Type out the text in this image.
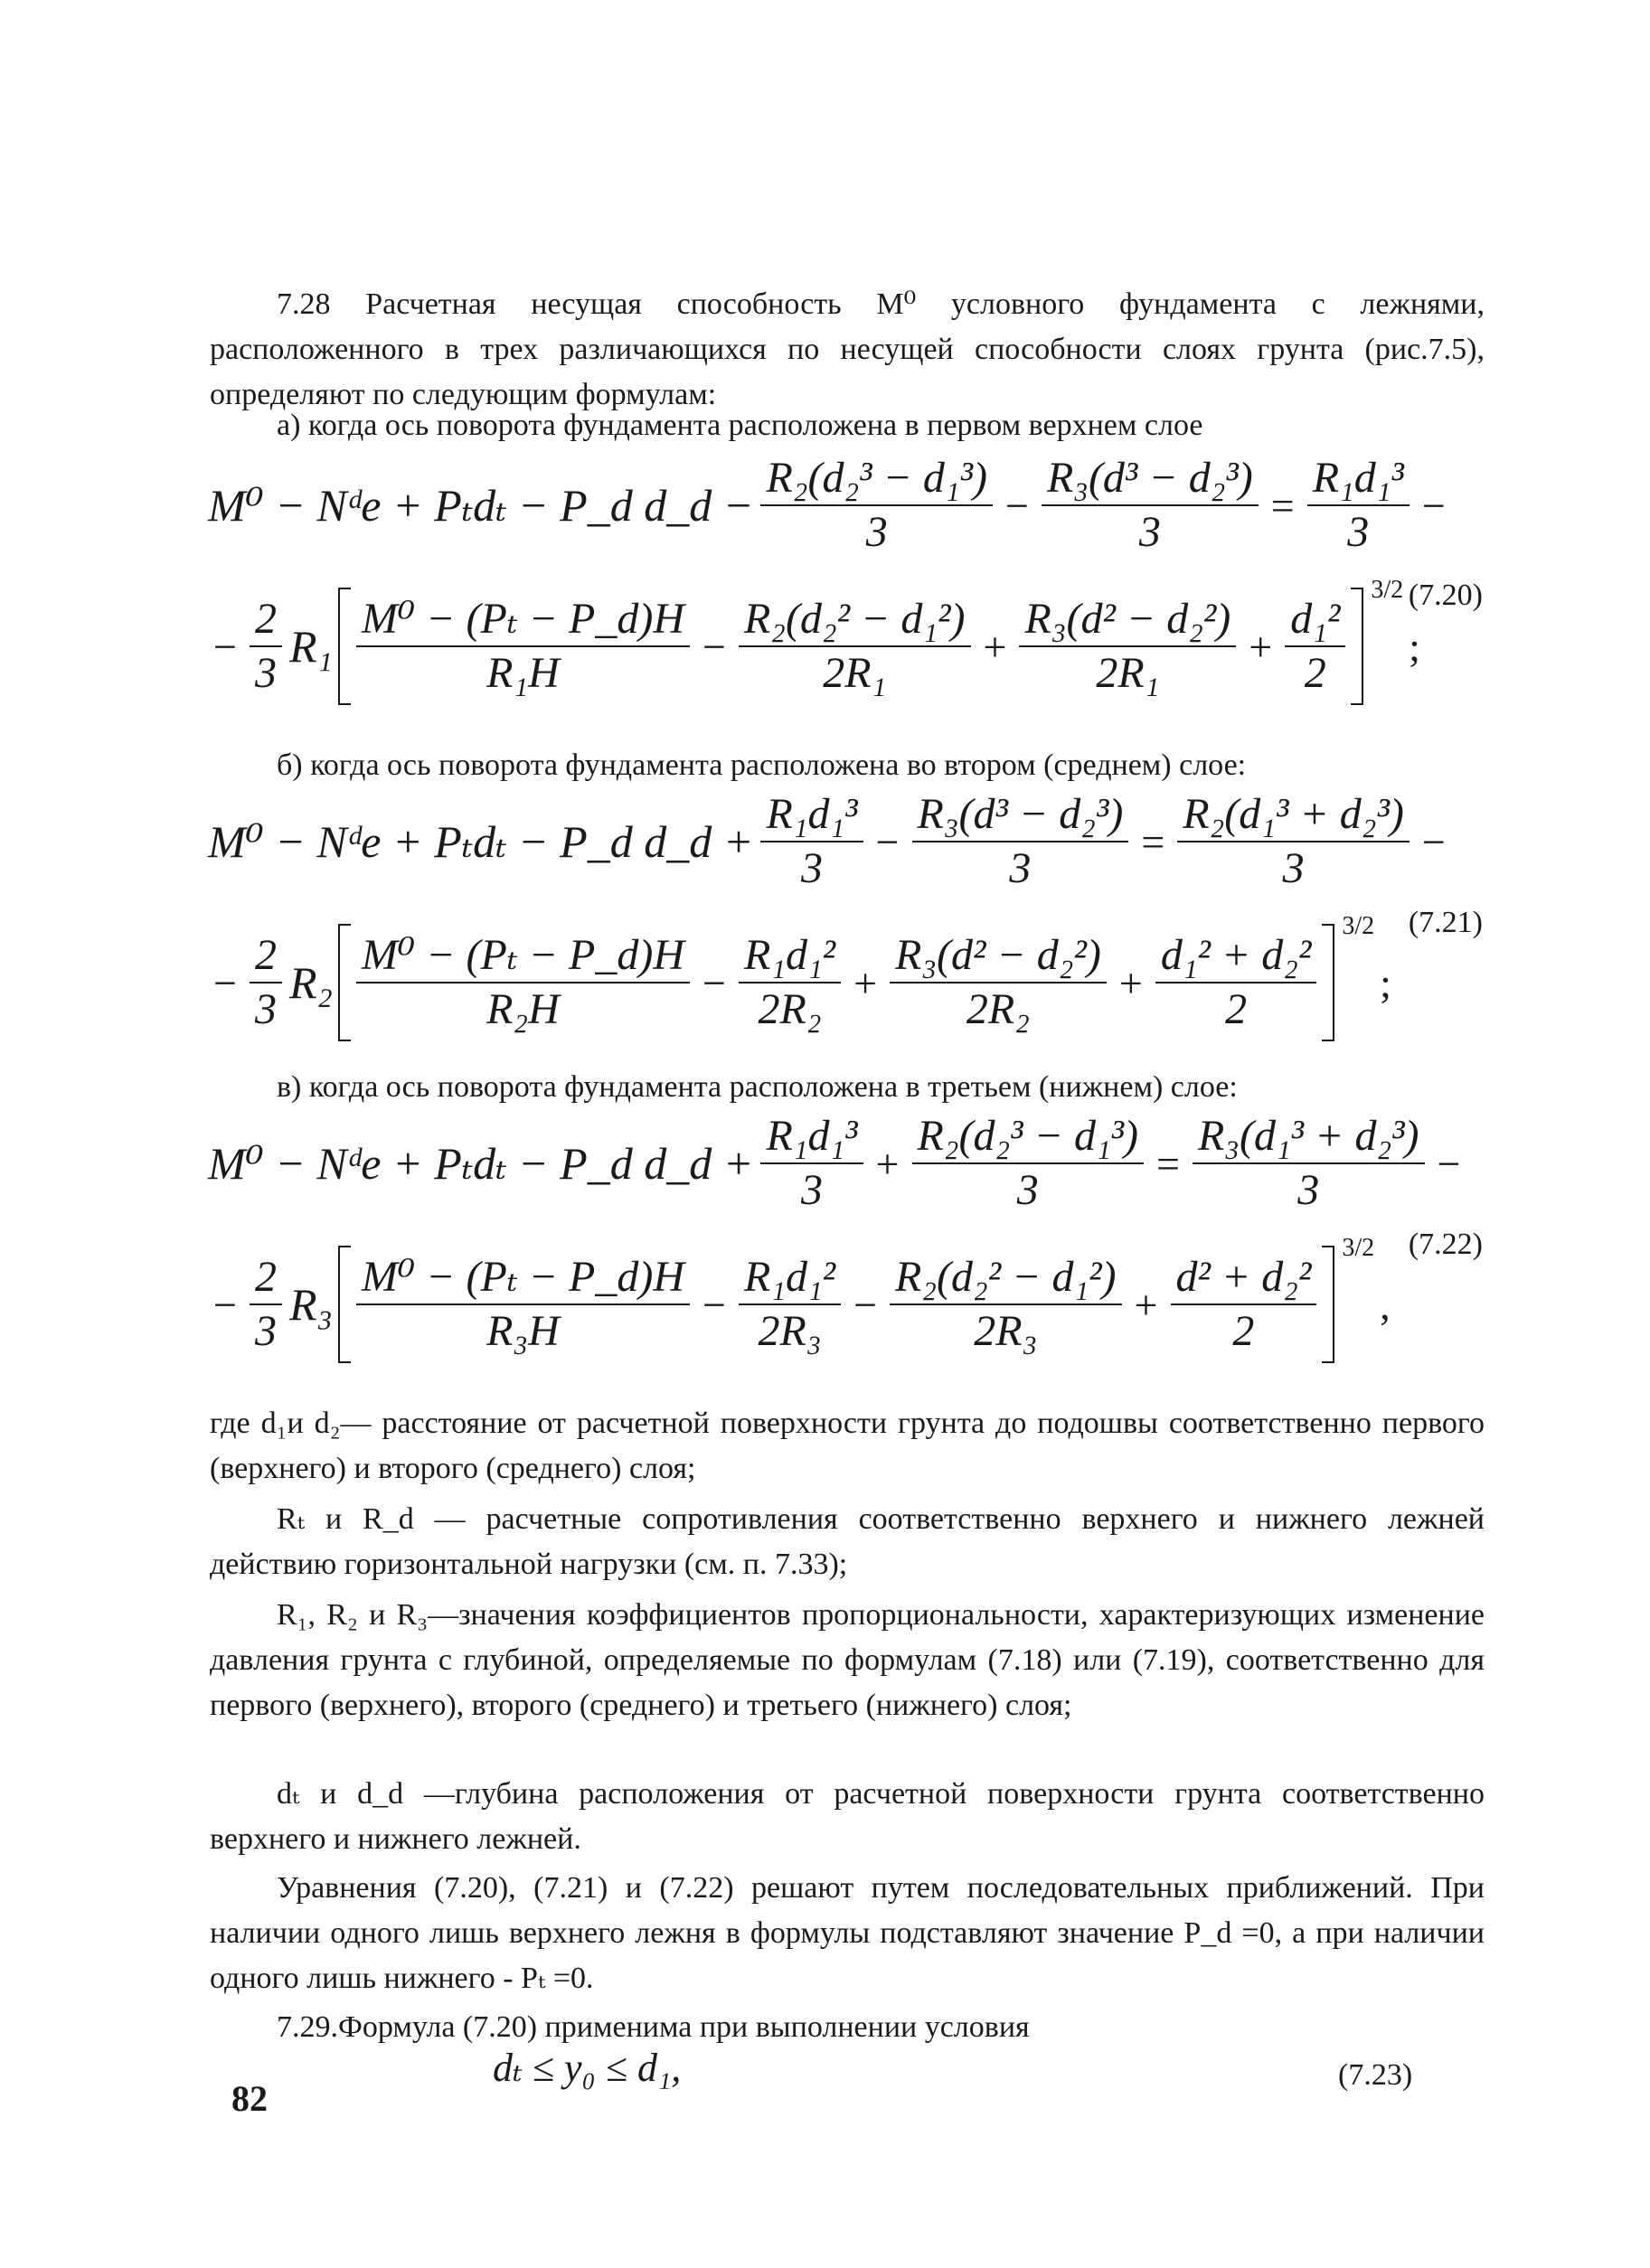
7.28 Расчетная несущая способность M⁰ условного фундамента с лежнями, расположенного в трех различающихся по несущей способности слоях грунта (рис.7.5), определяют по следующим формулам:
а) когда ось поворота фундамента расположена в первом верхнем слое
M⁰ − Nᵈe + Pₜdₜ − P_d d_d − $\frac{\text{R₂(d₂³ − d₁³)}}{3} - \frac{\text{R₃(d³ − d₂³)}}{3} = \frac{\text{R₁d₁³}}{3}$ −
− $\frac{2}{3} R_1 \frac{\text{M⁰ − (Pₜ − P\_d)H}}{\text{R₁H}} - \frac{\text{R₂(d₂² − d₁²)}}{\text{2R₁}} + \frac{\text{R₃(d² − d₂²)}}{\text{2R₁}} + \frac{\text{d₁²}}{2}$
3/2
;
(7.20)
б) когда ось поворота фундамента расположена во втором (среднем) слое:
M⁰ − Nᵈe + Pₜdₜ − P_d d_d + $\frac{\text{R₁d₁³}}{3} - \frac{\text{R₃(d³ − d₂³)}}{3} = \frac{\text{R₂(d₁³ + d₂³)}}{3}$ −
− $\frac{2}{3} R_2 \frac{\text{M⁰ − (Pₜ − P\_d)H}}{\text{R₂H}} - \frac{\text{R₁d₁²}}{\text{2R₂}} + \frac{\text{R₃(d² − d₂²)}}{\text{2R₂}} + \frac{\text{d₁² + d₂²}}{2}$
3/2
;
(7.21)
в) когда ось поворота фундамента расположена в третьем (нижнем) слое:
M⁰ − Nᵈe + Pₜdₜ − P_d d_d + $\frac{\text{R₁d₁³}}{3} + \frac{\text{R₂(d₂³ − d₁³)}}{3} = \frac{\text{R₃(d₁³ + d₂³)}}{3}$ −
− $\frac{2}{3} R_3 \frac{\text{M⁰ − (Pₜ − P\_d)H}}{\text{R₃H}} - \frac{\text{R₁d₁²}}{\text{2R₃}} - \frac{\text{R₂(d₂² − d₁²)}}{\text{2R₃}} + \frac{\text{d² + d₂²}}{2}$
3/2
,
(7.22)
где d₁и d₂— расстояние от расчетной поверхности грунта до подошвы соответственно первого (верхнего) и второго (среднего) слоя;
Rₜ и R_d — расчетные сопротивления соответственно верхнего и нижнего лежней действию горизонтальной нагрузки (см. п. 7.33);
R₁, R₂ и R₃—значения коэффициентов пропорциональности, характеризующих изменение давления грунта с глубиной, определяемые по формулам (7.18) или (7.19), соответственно для первого (верхнего), второго (среднего) и третьего (нижнего) слоя;
dₜ и d_d —глубина расположения от расчетной поверхности грунта соответственно верхнего и нижнего лежней.
Уравнения (7.20), (7.21) и (7.22) решают путем последовательных приближений. При наличии одного лишь верхнего лежня в формулы подставляют значение P_d =0, а при наличии одного лишь нижнего - Pₜ =0.
7.29.Формула (7.20) применима при выполнении условия
dₜ ≤ y₀ ≤ d₁,	(7.23)
82
